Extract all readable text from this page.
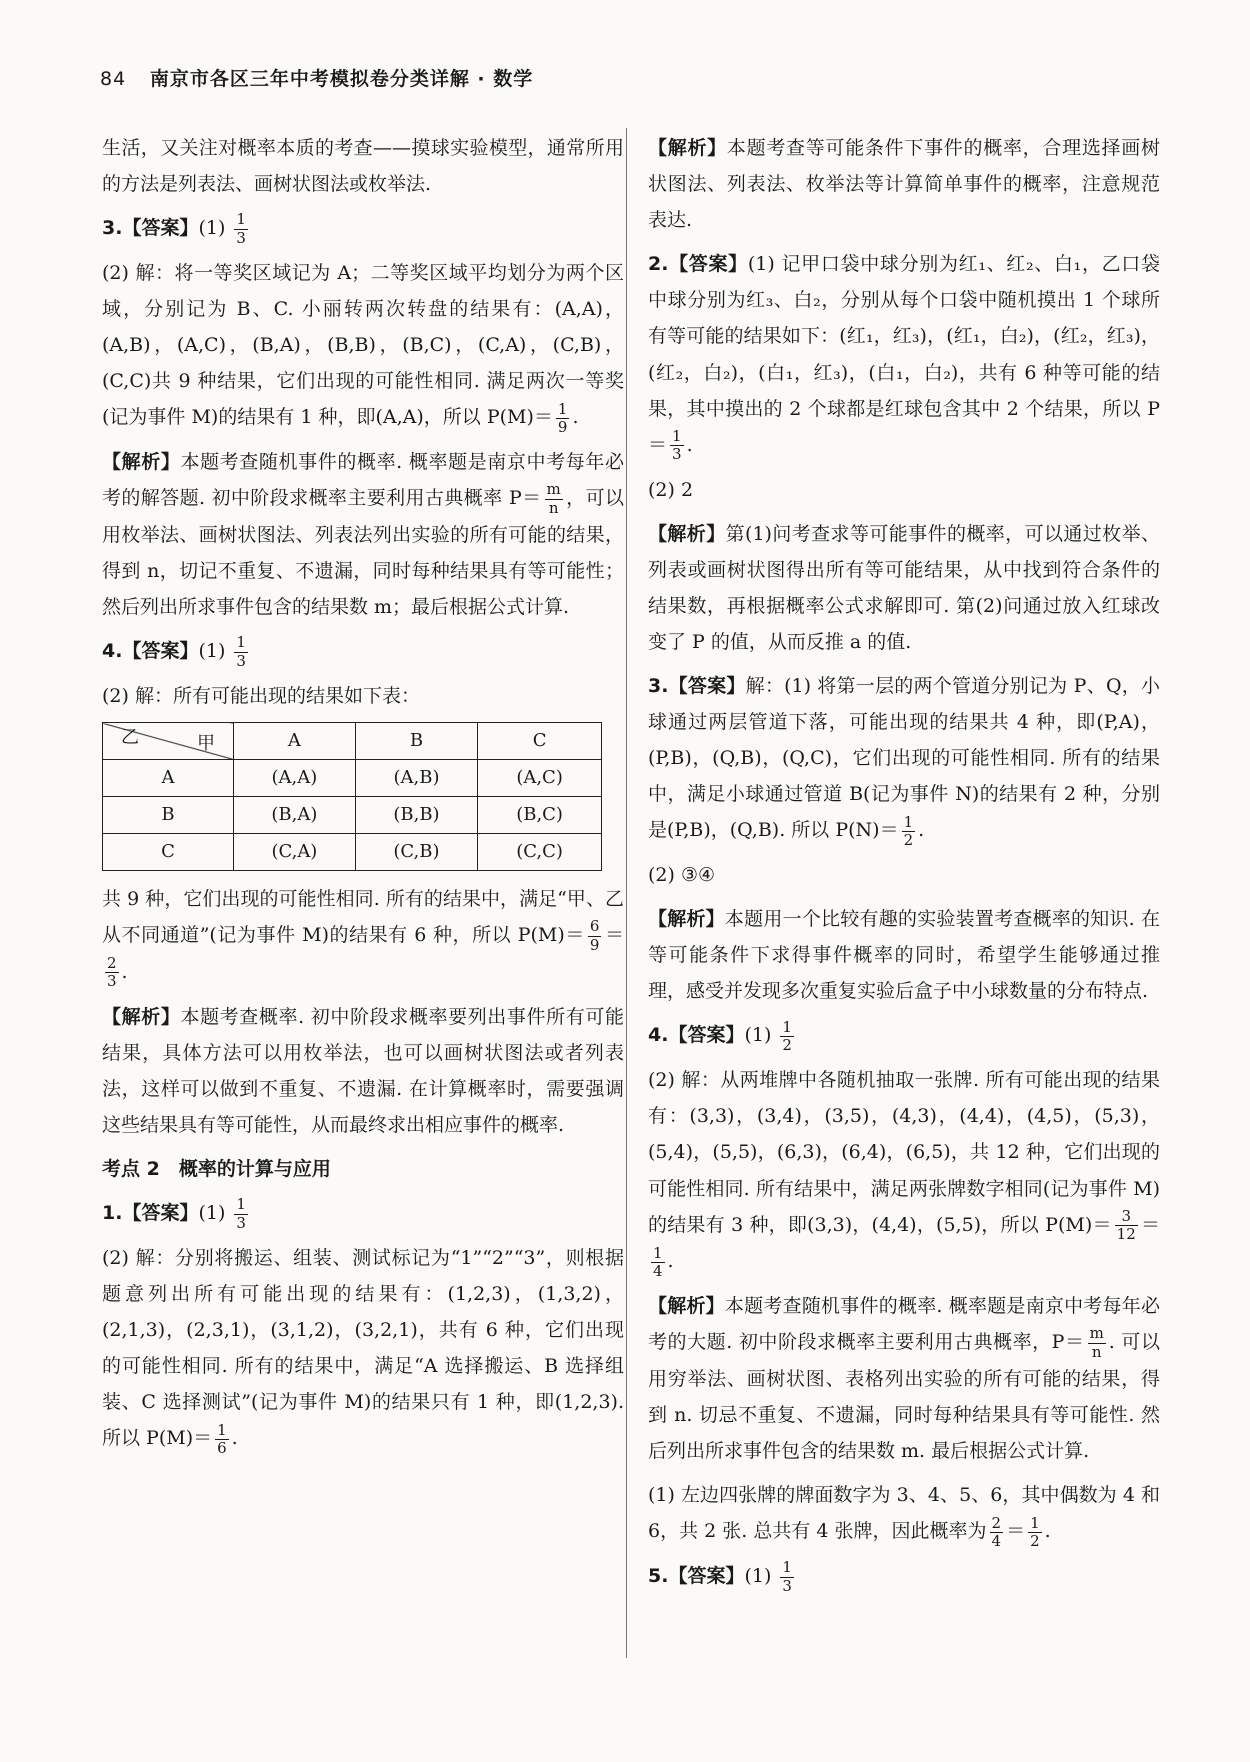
84 南京市各区三年中考模拟卷分类详解 · 数学

生活，又关注对概率本质的考查——摸球实验模型，通常所用的方法是列表法、画树状图法或枚举法.

3.【答案】$(1) \frac{1}{3}$

(2) 解：将一等奖区域记为 A；二等奖区域平均划分为两个区域，分别记为 B、C. 小丽转两次转盘的结果有：(A,A)，(A,B)，(A,C)，(B,A)，(B,B)，(B,C)，(C,A)，(C,B)，(C,C)共 9 种结果，它们出现的可能性相同. 满足两次一等奖(记为事件 M)的结果有 1 种，即(A,A)，所以 $P(M)= \frac{1}{9}$ .

【解析】本题考查随机事件的概率. 概率题是南京中考每年必考的解答题. 初中阶段求概率主要利用古典概率 $P= \frac{m}{n}$ ，可以用枚举法、画树状图法、列表法列出实验的所有可能的结果，得到 n，切记不重复、不遗漏，同时每种结果具有等可能性；然后列出所求事件包含的结果数 m；最后根据公式计算.

4.【答案】$(1) \frac{1}{3}$

(2) 解：所有可能出现的结果如下表：

甲
乙	A	B	C
A	(A,A)	(A,B)	(A,C)
B	(B,A)	(B,B)	(B,C)
C	(C,A)	(C,B)	(C,C)

共 9 种，它们出现的可能性相同. 所有的结果中，满足“甲、乙从不同通道”(记为事件 M)的结果有 6 种，所以 $P(M)= \frac{6}{9}$ ＝
$\frac{2}{3}$ .

【解析】本题考查概率. 初中阶段求概率要列出事件所有可能结果，具体方法可以用枚举法，也可以画树状图法或者列表法，这样可以做到不重复、不遗漏. 在计算概率时，需要强调这些结果具有等可能性，从而最终求出相应事件的概率.

考点 2　概率的计算与应用

1.【答案】$(1) \frac{1}{3}$

(2) 解：分别将搬运、组装、测试标记为“1”“2”“3”，则根据题意列出所有可能出现的结果有：(1,2,3)，(1,3,2)，(2,1,3)，(2,3,1)，(3,1,2)，(3,2,1)，共有 6 种，它们出现的可能性相同. 所有的结果中，满足“A 选择搬运、B 选择组装、C 选择测试”(记为事件 M)的结果只有 1 种，即(1,2,3). 所以 $P(M)= \frac{1}{6}$ .

【解析】本题考查等可能条件下事件的概率，合理选择画树状图法、列表法、枚举法等计算简单事件的概率，注意规范表达.

2.【答案】(1) 记甲口袋中球分别为红₁、红₂、白₁，乙口袋中球分别为红₃、白₂，分别从每个口袋中随机摸出 1 个球所有等可能的结果如下：(红₁，红₃)，(红₁，白₂)，(红₂，红₃)，(红₂，白₂)，(白₁，红₃)，(白₁，白₂)，共有 6 种等可能的结果，其中摸出的 2 个球都是红球包含其中 2 个结果，所以 $P= \frac{1}{3}$ .

(2) 2

【解析】第(1)问考查求等可能事件的概率，可以通过枚举、列表或画树状图得出所有等可能结果，从中找到符合条件的结果数，再根据概率公式求解即可. 第(2)问通过放入红球改变了 P 的值，从而反推 a 的值.

3.【答案】解：(1) 将第一层的两个管道分别记为 P、Q，小球通过两层管道下落，可能出现的结果共 4 种，即(P,A)，(P,B)，(Q,B)，(Q,C)，它们出现的可能性相同. 所有的结果中，满足小球通过管道 B(记为事件 N)的结果有 2 种，分别是(P,B)，(Q,B). 所以 $P(N)= \frac{1}{2}$ .

(2) ③④

【解析】本题用一个比较有趣的实验装置考查概率的知识. 在等可能条件下求得事件概率的同时，希望学生能够通过推理，感受并发现多次重复实验后盒子中小球数量的分布特点.

4.【答案】$(1) \frac{1}{2}$

(2) 解：从两堆牌中各随机抽取一张牌. 所有可能出现的结果有：(3,3)，(3,4)，(3,5)，(4,3)，(4,4)，(4,5)，(5,3)，(5,4)，(5,5)，(6,3)，(6,4)，(6,5)，共 12 种，它们出现的可能性相同. 所有结果中，满足两张牌数字相同(记为事件 M)的结果有 3 种，即(3,3)，(4,4)，(5,5)，所以 $P(M)= \frac{3}{12}$ ＝
$\frac{1}{4}$ .

【解析】本题考查随机事件的概率. 概率题是南京中考每年必考的大题. 初中阶段求概率主要利用古典概率，$P= \frac{m}{n}$ . 可以用穷举法、画树状图、表格列出实验的所有可能的结果，得到 n. 切忌不重复、不遗漏，同时每种结果具有等可能性. 然后列出所求事件包含的结果数 m. 最后根据公式计算.

(1) 左边四张牌的牌面数字为 3、4、5、6，其中偶数为 4 和 6，共 2 张. 总共有 4 张牌，因此概率为 $\frac{2}{4} = \frac{1}{2}$ .

5.【答案】$(1) \frac{1}{3}$
